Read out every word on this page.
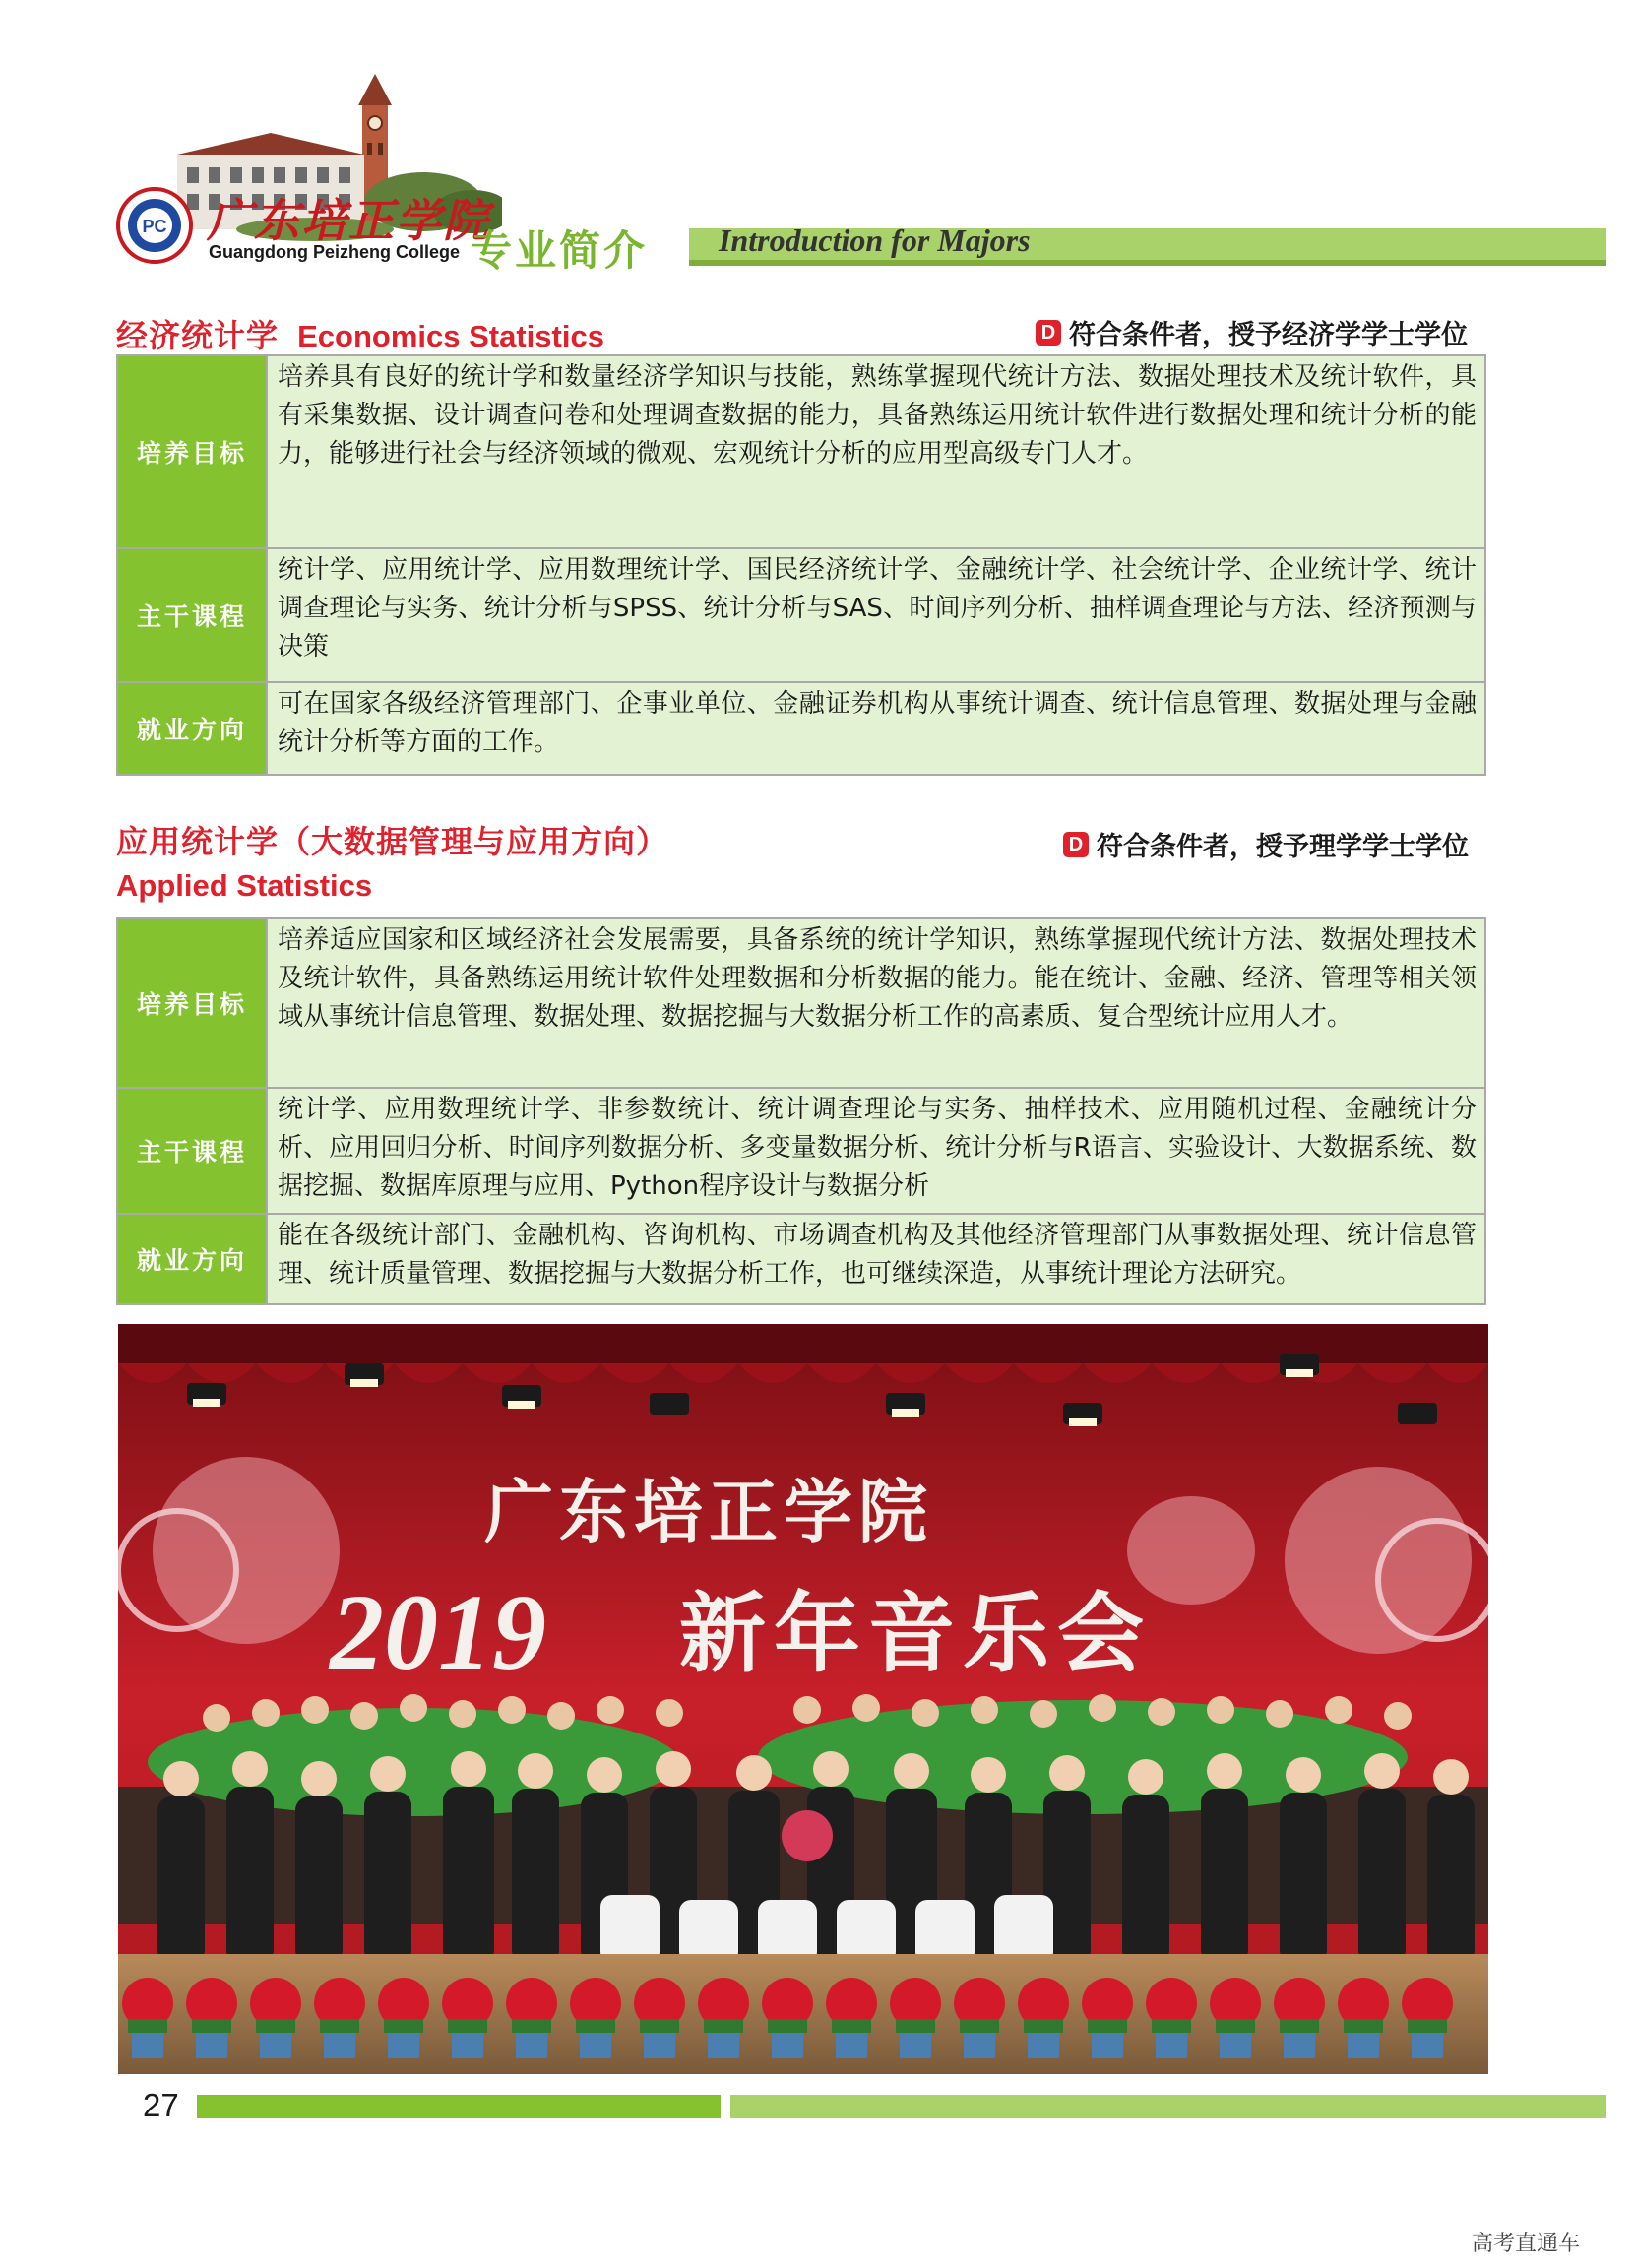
PC 广东培正学院
Guangdong Peizheng College 专业简介 Introduction for Majors
经济统计学 Economics Statistics	D 符合条件者，授予经济学学士学位
培养目标
培养具有良好的统计学和数量经济学知识与技能，熟练掌握现代统计方法、数据处理技术及统计软件，具有采集数据、设计调查问卷和处理调查数据的能力，具备熟练运用统计软件进行数据处理和统计分析的能力，能够进行社会与经济领域的微观、宏观统计分析的应用型高级专门人才。
主干课程
统计学、应用统计学、应用数理统计学、国民经济统计学、金融统计学、社会统计学、企业统计学、统计调查理论与实务、统计分析与SPSS、统计分析与SAS、时间序列分析、抽样调查理论与方法、经济预测与决策
就业方向
可在国家各级经济管理部门、企事业单位、金融证券机构从事统计调查、统计信息管理、数据处理与金融统计分析等方面的工作。
应用统计学（大数据管理与应用方向）
Applied Statistics
D 符合条件者，授予理学学士学位
培养目标
培养适应国家和区域经济社会发展需要，具备系统的统计学知识，熟练掌握现代统计方法、数据处理技术及统计软件，具备熟练运用统计软件处理数据和分析数据的能力。能在统计、金融、经济、管理等相关领域从事统计信息管理、数据处理、数据挖掘与大数据分析工作的高素质、复合型统计应用人才。
主干课程
统计学、应用数理统计学、非参数统计、统计调查理论与实务、抽样技术、应用随机过程、金融统计分析、应用回归分析、时间序列数据分析、多变量数据分析、统计分析与R语言、实验设计、大数据系统、数据挖掘、数据库原理与应用、Python程序设计与数据分析
就业方向
能在各级统计部门、金融机构、咨询机构、市场调查机构及其他经济管理部门从事数据处理、统计信息管理、统计质量管理、数据挖掘与大数据分析工作，也可继续深造，从事统计理论方法研究。
广东培正学院
2019 新年音乐会
27
高考直通车
